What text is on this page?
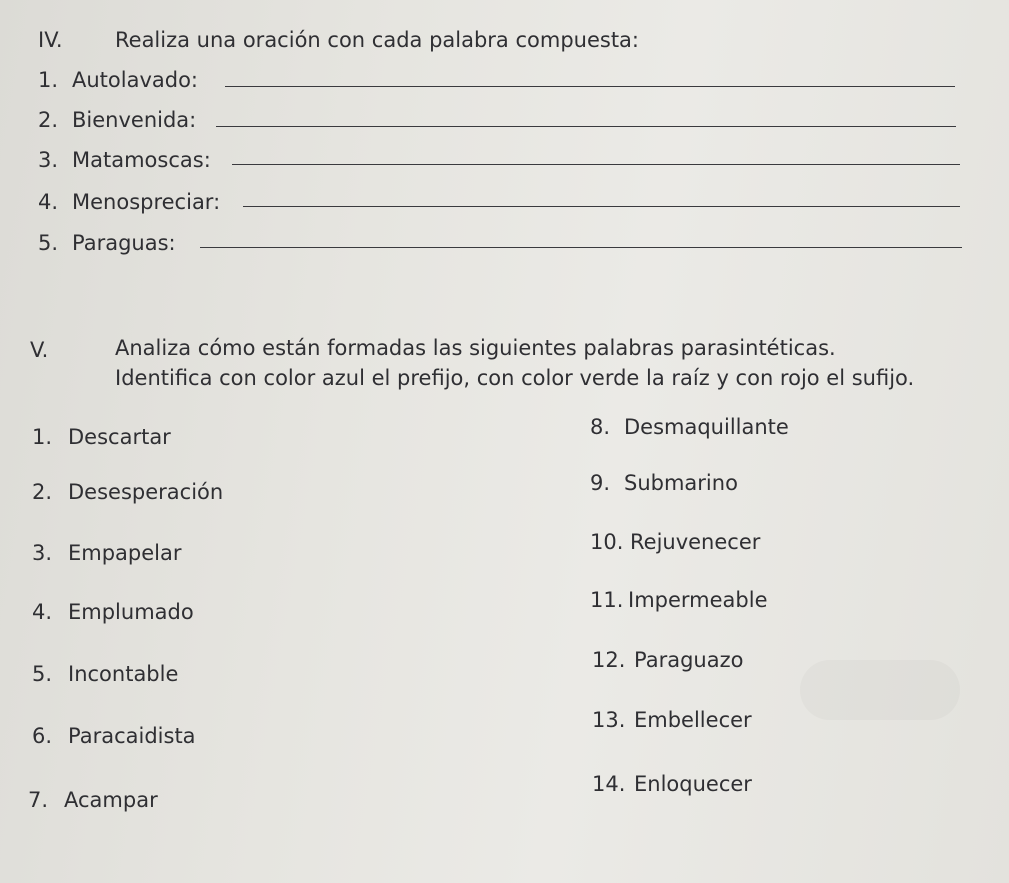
IV. Realiza una oración con cada palabra compuesta:
1. Autolavado:
2. Bienvenida:
3. Matamoscas:
4. Menospreciar:
5. Paraguas:
V.	Analiza cómo están formadas las siguientes palabras parasintéticas.
Identifica con color azul el prefijo, con color verde la raíz y con rojo el sufijo.
1. Descartar
2. Desesperación
3. Empapelar
4. Emplumado
5. Incontable
6. Paracaidista
7. Acampar
8. Desmaquillante
9. Submarino
10. Rejuvenecer
11. Impermeable
12. Paraguazo
13. Embellecer
14. Enloquecer
